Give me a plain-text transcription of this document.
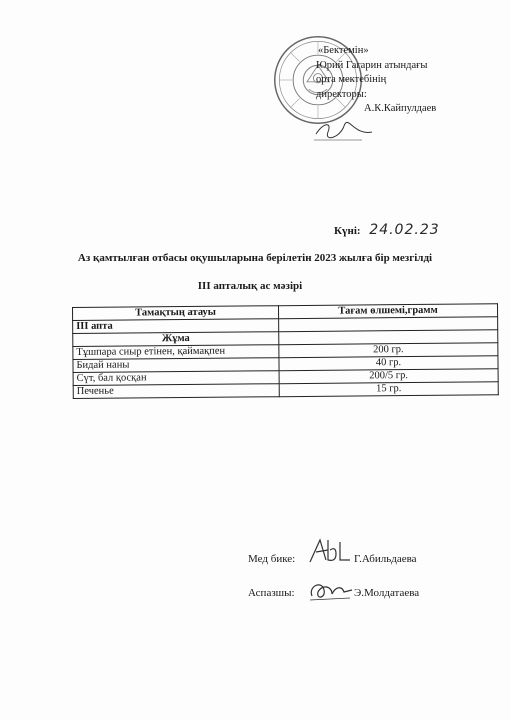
«Бектемін»
Юрий Гагарин атындағы
орта мектебінің
директоры:
А.К.Кайпулдаев
Күні: 24.02.23
Аз қамтылған отбасы оқушыларына берілетін 2023 жылға бір мезгілді
III апталық ас мәзірі
Тамақтың атауы	Тағам өлшемі,грамм
III апта	
Жұма	
Тұшпара сиыр етінен, қаймақпен	200 гр.
Бидай наны	40 гр.
Сүт, бал қосқан	200/5 гр.
Печенье	15 гр.
Мед бике:	Г.Абильдаева
Аспазшы:	Э.Молдатаева
